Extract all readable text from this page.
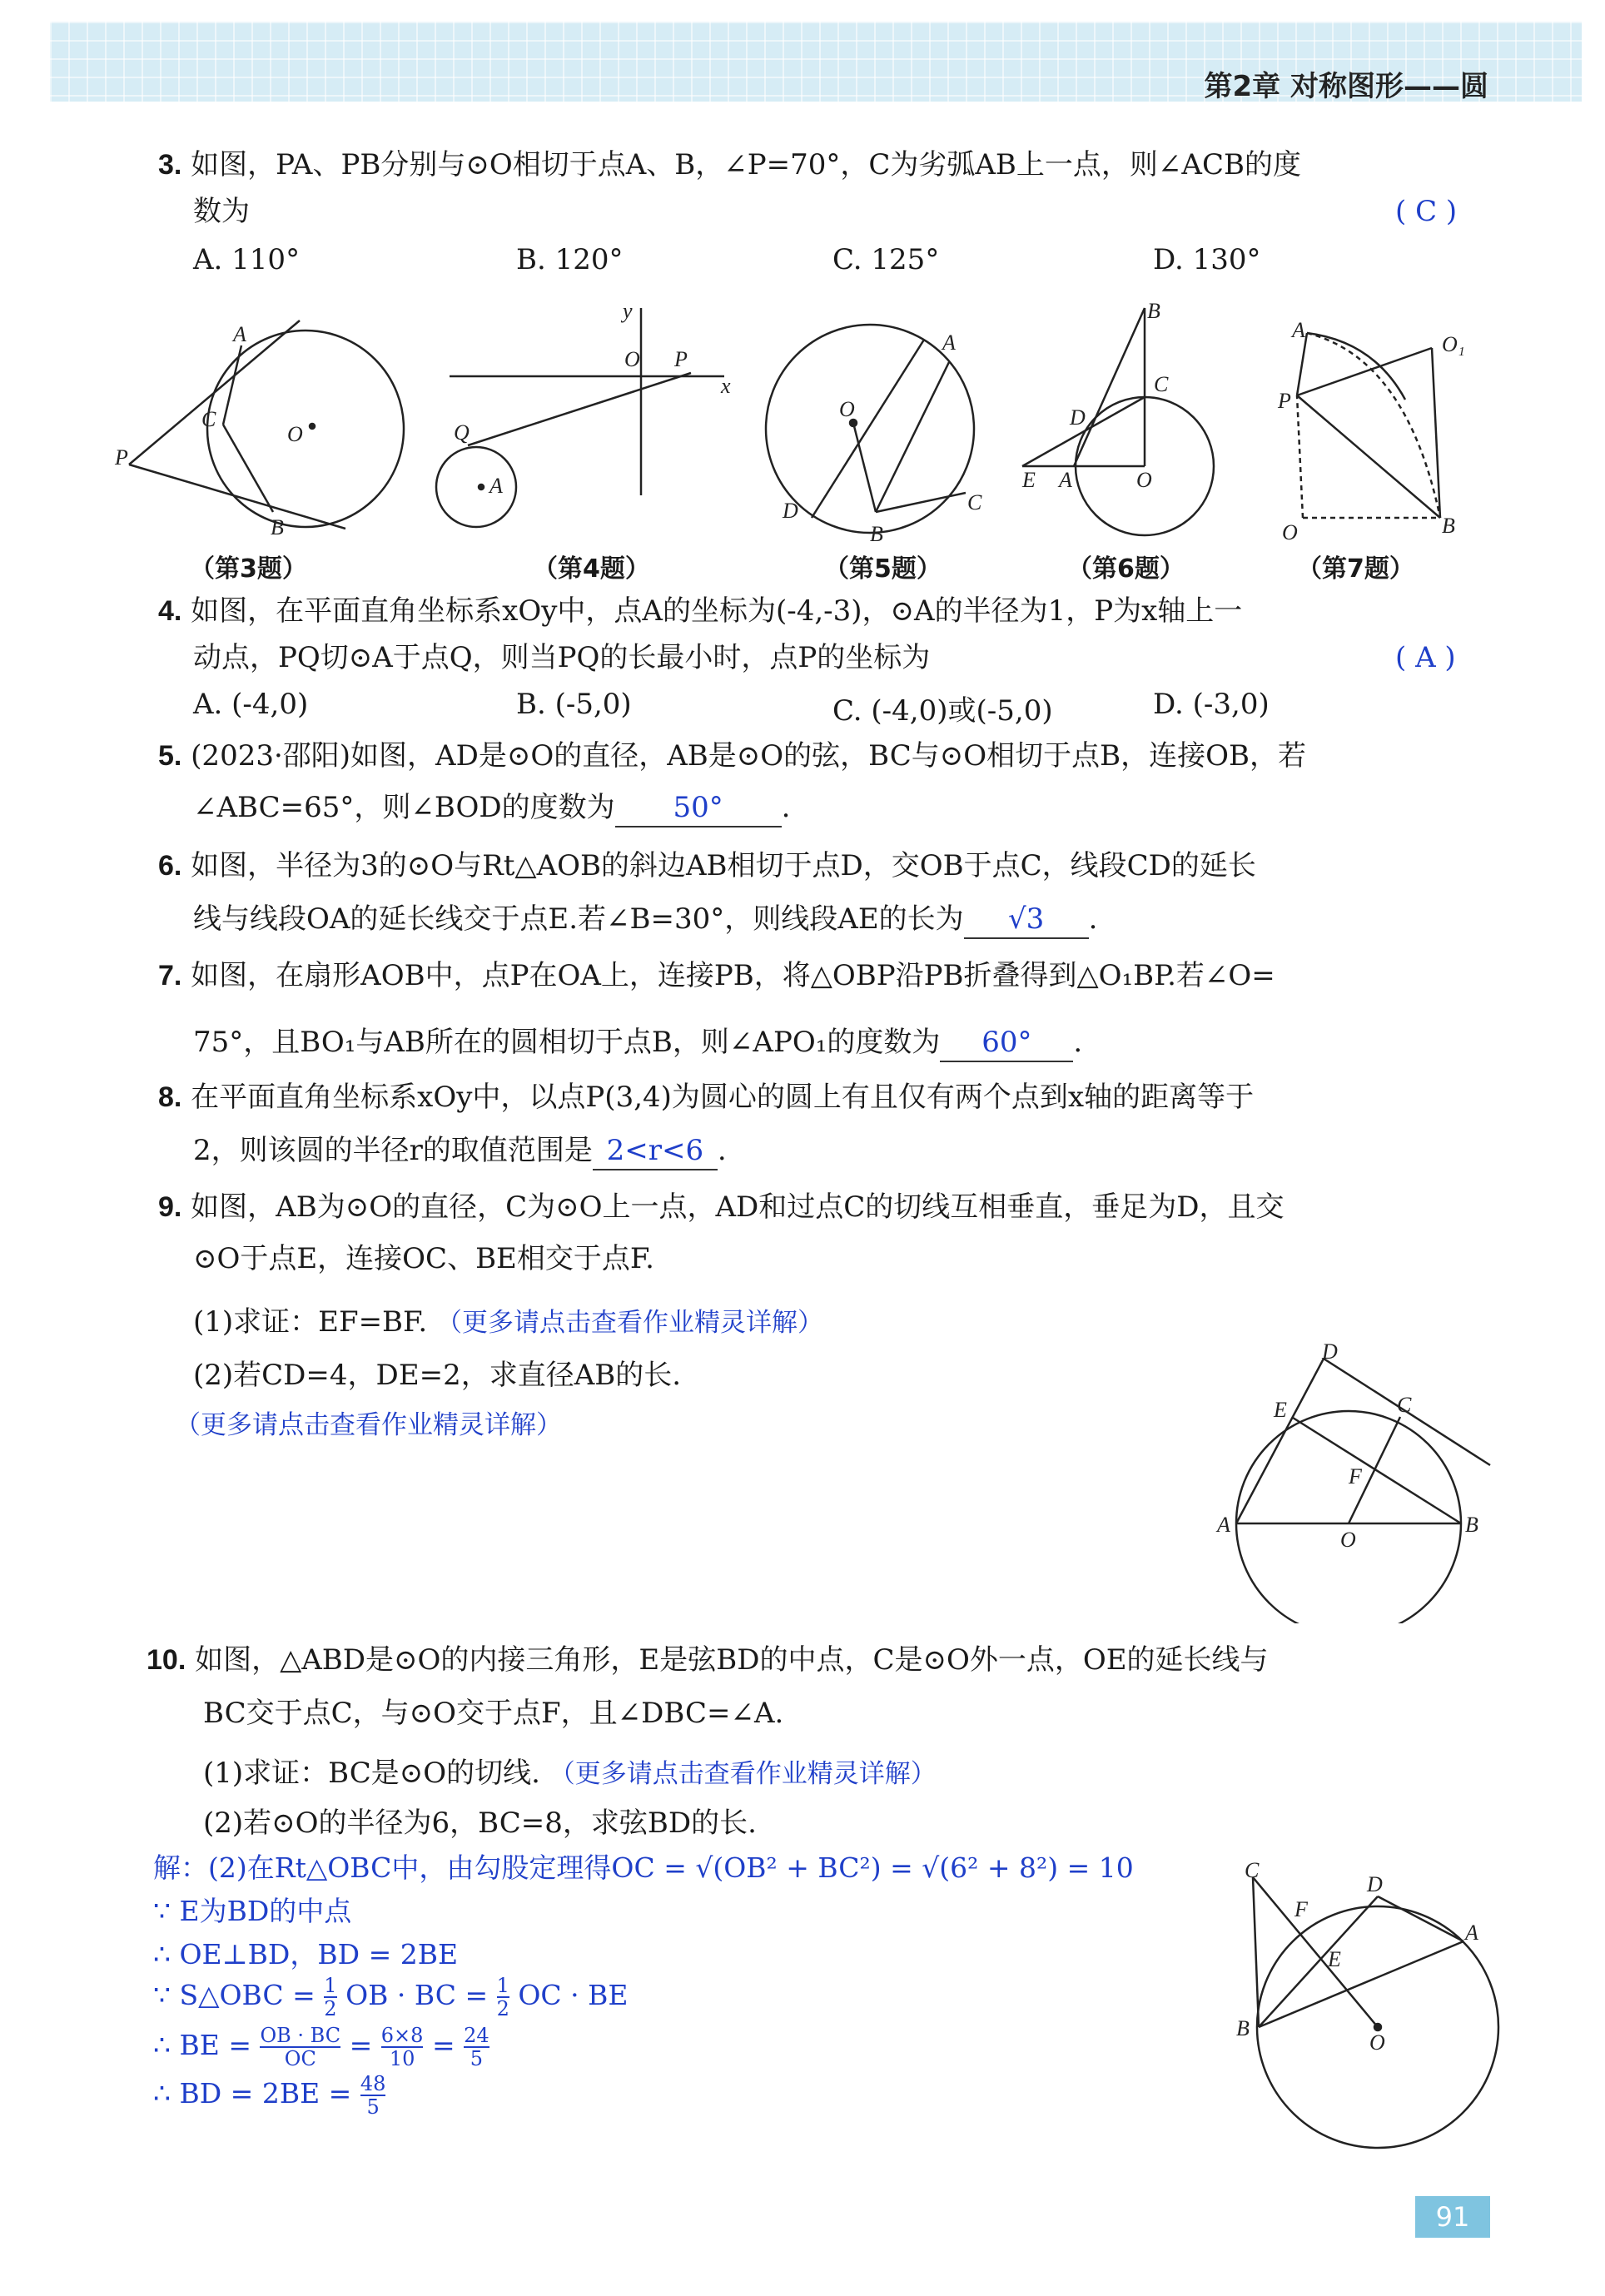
第2章 对称图形——圆
3. 如图，PA、PB分别与⊙O相切于点A、B，∠P=70°，C为劣弧AB上一点，则∠ACB的度
数为	( C )
A. 110°	B. 120°	C. 125°	D. 130°
P
A
C
O
B
y
x
O P
Q
A
A
O
D
B
C
B
C
D
E A	O
A
O₁
P
O	B
（第3题）	（第4题）	（第5题）	（第6题）	（第7题）
4. 如图，在平面直角坐标系xOy中，点A的坐标为(-4,-3)，⊙A的半径为1，P为x轴上一
动点，PQ切⊙A于点Q，则当PQ的长最小时，点P的坐标为	( A )
A. (-4,0)	B. (-5,0)	C. (-4,0)或(-5,0)	D. (-3,0)
5. (2023·邵阳)如图，AD是⊙O的直径，AB是⊙O的弦，BC与⊙O相切于点B，连接OB，若
∠ABC=65°，则∠BOD的度数为 50° .
6. 如图，半径为3的⊙O与Rt△AOB的斜边AB相切于点D，交OB于点C，线段CD的延长
线与线段OA的延长线交于点E.若∠B=30°，则线段AE的长为 √3 .
7. 如图，在扇形AOB中，点P在OA上，连接PB，将△OBP沿PB折叠得到△O₁BP.若∠O=
75°，且BO₁与AB所在的圆相切于点B，则∠APO₁的度数为 60° .
8. 在平面直角坐标系xOy中，以点P(3,4)为圆心的圆上有且仅有两个点到x轴的距离等于
2，则该圆的半径r的取值范围是 2<r<6 .
9. 如图，AB为⊙O的直径，C为⊙O上一点，AD和过点C的切线互相垂直，垂足为D，且交
⊙O于点E，连接OC、BE相交于点F.
(1)求证：EF=BF. （更多请点击查看作业精灵详解）
(2)若CD=4，DE=2，求直径AB的长.
（更多请点击查看作业精灵详解）
D
E	C
F
A
O
B
10. 如图，△ABD是⊙O的内接三角形，E是弦BD的中点，C是⊙O外一点，OE的延长线与
BC交于点C，与⊙O交于点F，且∠DBC=∠A.
(1)求证：BC是⊙O的切线. （更多请点击查看作业精灵详解）
(2)若⊙O的半径为6，BC=8，求弦BD的长.
解：(2)在Rt△OBC中，由勾股定理得OC = √(OB² + BC²) = √(6² + 8²) = 10
∵ E为BD的中点
∴ OE⊥BD，BD = 2BE
∵ S△OBC = $\frac{1}{2}$ OB · BC = $\frac{1}{2}$ OC · BE
∴ BE = $\frac{OB \cdot BC}{OC} = \frac{6\times 8}{10} = \frac{24}{5}$
∴ BD = $2BE = \frac{48}{5}$
C
F
D
A
E
B
O
91
